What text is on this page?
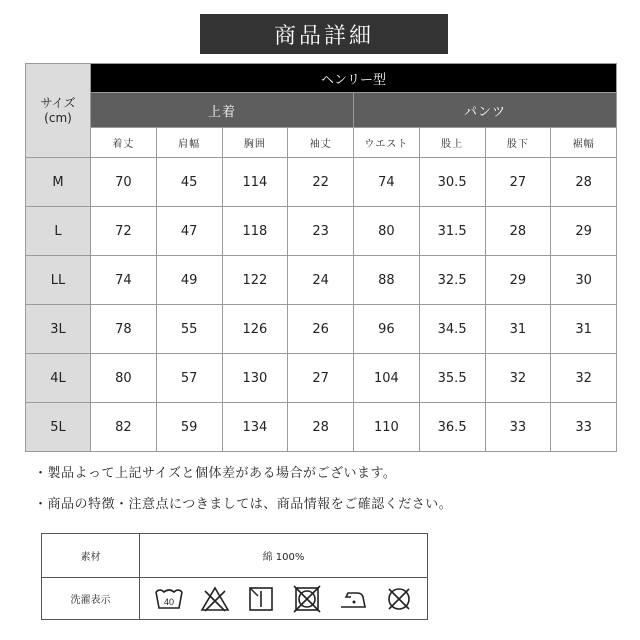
商品詳細
サイズ
(cm)	ヘンリー型							
	上着				パンツ			
	着丈	肩幅	胸囲	袖丈	ウエスト	股上	股下	裾幅
M	70	45	114	22	74	30.5	27	28
L	72	47	118	23	80	31.5	28	29
LL	74	49	122	24	88	32.5	29	30
3L	78	55	126	26	96	34.5	31	31
4L	80	57	130	27	104	35.5	32	32
5L	82	59	134	28	110	36.5	33	33
・製品よって上記サイズと個体差がある場合がございます。
・商品の特徴・注意点につきましては、商品情報をご確認ください。
素材	綿 100%
洗濯表示	40
